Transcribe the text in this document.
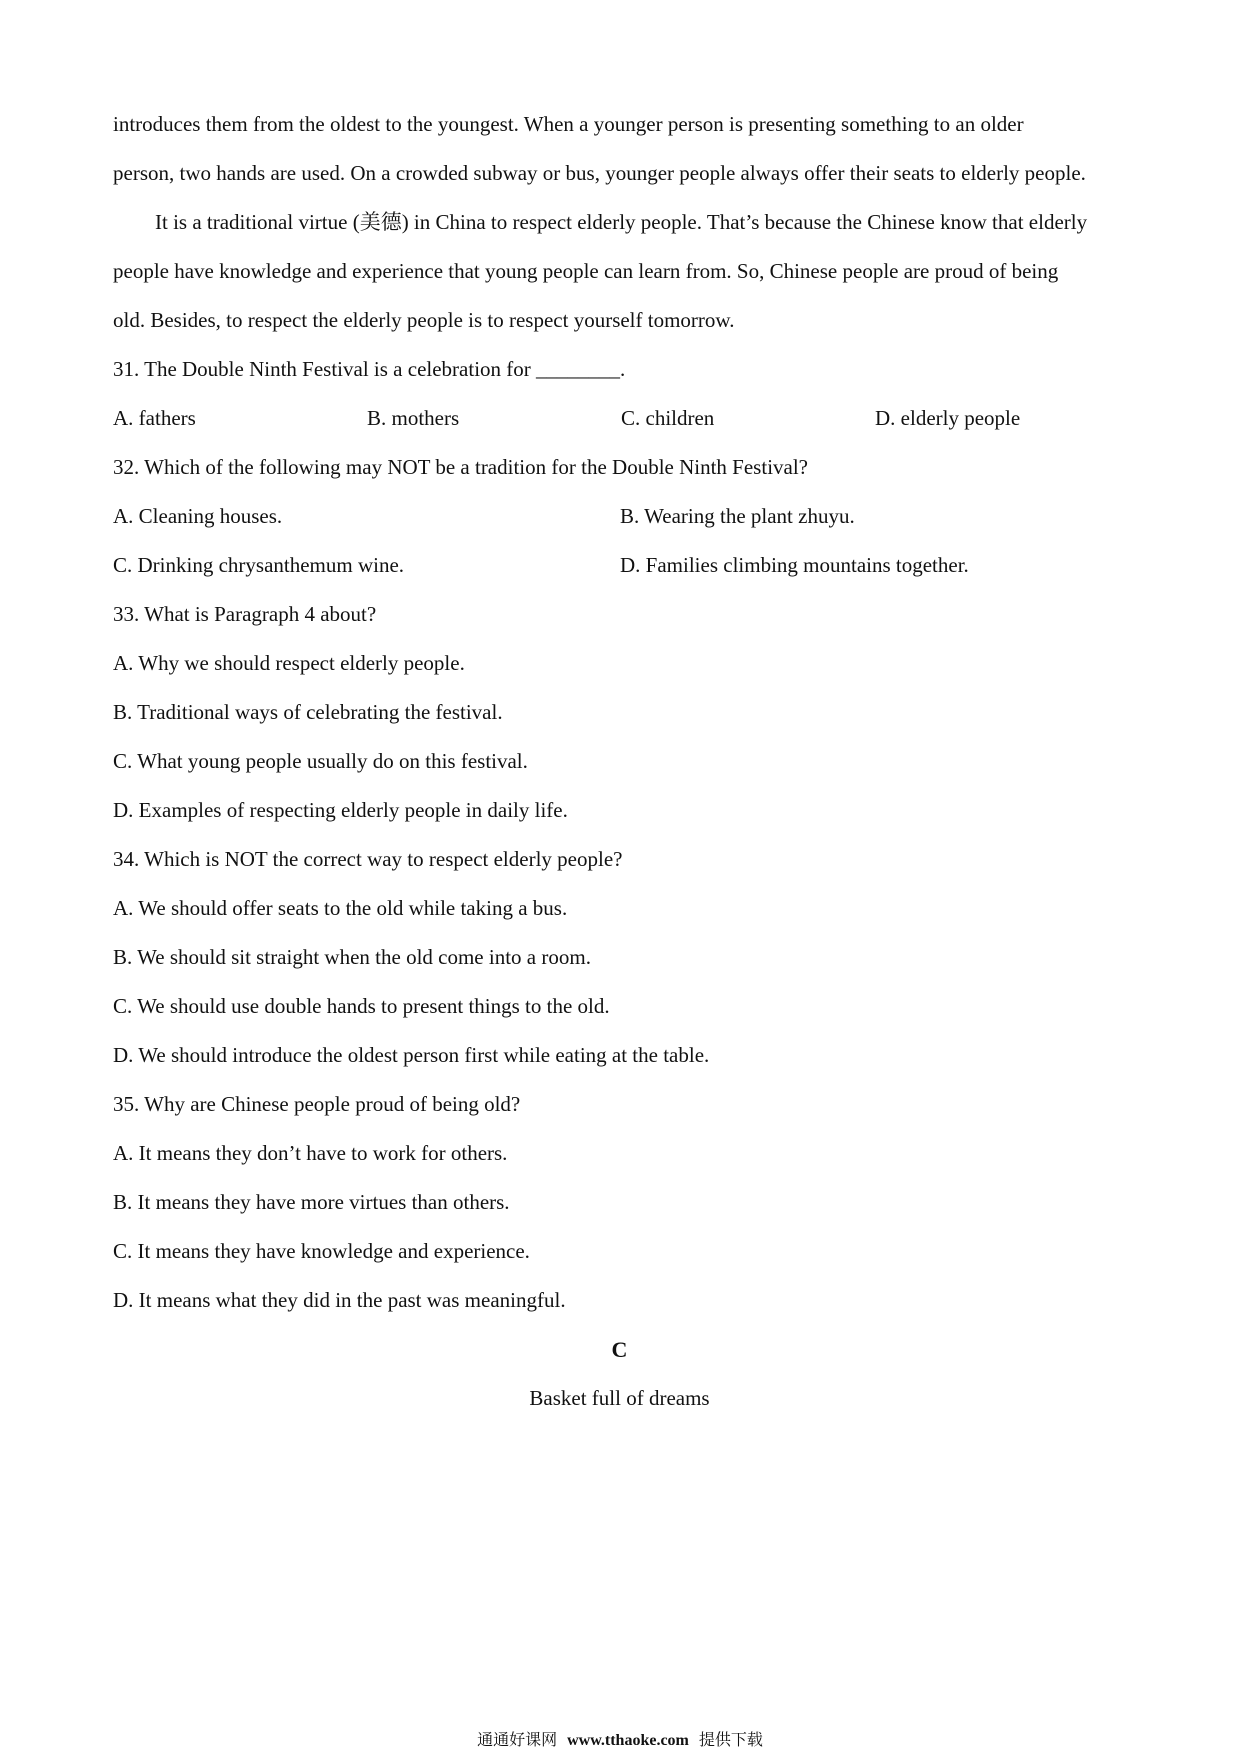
introduces them from the oldest to the youngest. When a younger person is presenting something to an older
person, two hands are used. On a crowded subway or bus, younger people always offer their seats to elderly people.
It is a traditional virtue (美德) in China to respect elderly people. That’s because the Chinese know that elderly
people have knowledge and experience that young people can learn from. So, Chinese people are proud of being
old. Besides, to respect the elderly people is to respect yourself tomorrow.
31. The Double Ninth Festival is a celebration for ________.
A. fathers	B. mothers	C. children	D. elderly people
32. Which of the following may NOT be a tradition for the Double Ninth Festival?
A. Cleaning houses.	B. Wearing the plant zhuyu.
C. Drinking chrysanthemum wine.	D. Families climbing mountains together.
33. What is Paragraph 4 about?
A. Why we should respect elderly people.
B. Traditional ways of celebrating the festival.
C. What young people usually do on this festival.
D. Examples of respecting elderly people in daily life.
34. Which is NOT the correct way to respect elderly people?
A. We should offer seats to the old while taking a bus.
B. We should sit straight when the old come into a room.
C. We should use double hands to present things to the old.
D. We should introduce the oldest person first while eating at the table.
35. Why are Chinese people proud of being old?
A. It means they don’t have to work for others.
B. It means they have more virtues than others.
C. It means they have knowledge and experience.
D. It means what they did in the past was meaningful.
C
Basket full of dreams
通通好课网 www.tthaoke.com 提供下载
